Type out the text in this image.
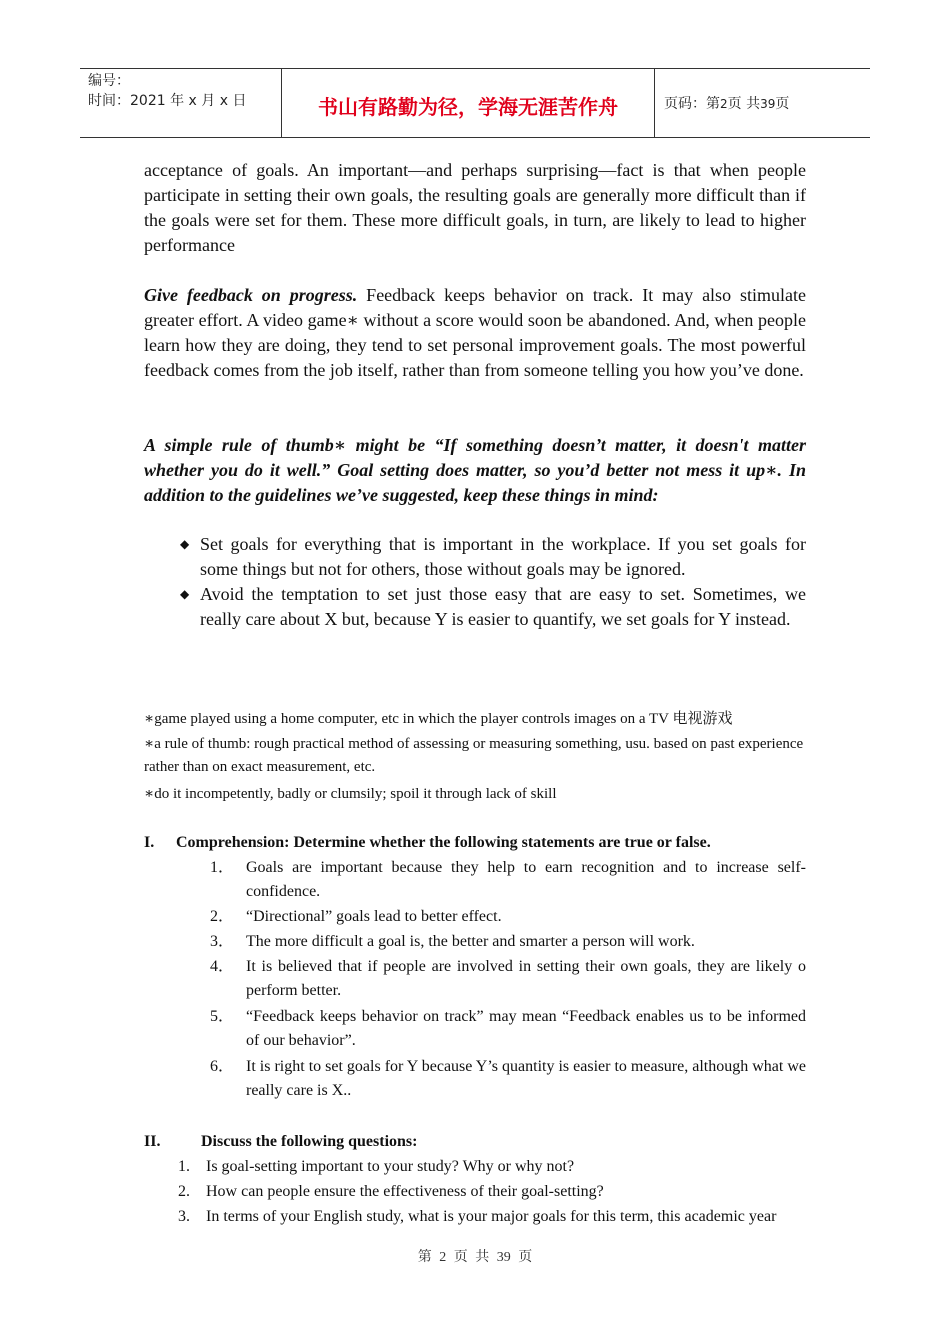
编号：
时间：2021 年 x 月 x 日	书山有路勤为径，学海无涯苦作舟	页码：第2页 共39页

acceptance of goals. An important—and perhaps surprising—fact is that when people participate in setting their own goals, the resulting goals are generally more difficult than if the goals were set for them. These more difficult goals, in turn, are likely to lead to higher performance

Give feedback on progress. Feedback keeps behavior on track. It may also stimulate greater effort. A video game∗ without a score would soon be abandoned. And, when people learn how they are doing, they tend to set personal improvement goals. The most powerful feedback comes from the job itself, rather than from someone telling you how you’ve done.

A simple rule of thumb∗ might be “If something doesn’t matter, it doesn't matter whether you do it well.” Goal setting does matter, so you’d better not mess it up∗. In addition to the guidelines we’ve suggested, keep these things in mind:

◆ Set goals for everything that is important in the workplace. If you set goals for some things but not for others, those without goals may be ignored.

◆ Avoid the temptation to set just those easy that are easy to set. Sometimes, we really care about X but, because Y is easier to quantify, we set goals for Y instead.

∗game played using a home computer, etc in which the player controls images on a TV 电视游戏

∗a rule of thumb: rough practical method of assessing or measuring something, usu. based on past experience rather than on exact measurement, etc.

∗do it incompetently, badly or clumsily; spoil it through lack of skill

I. Comprehension: Determine whether the following statements are true or false.

1． Goals are important because they help to earn recognition and to increase self-confidence.

2． “Directional” goals lead to better effect.

3． The more difficult a goal is, the better and smarter a person will work.

4． It is believed that if people are involved in setting their own goals, they are likely o perform better.

5． “Feedback keeps behavior on track” may mean “Feedback enables us to be informed of our behavior”.

6． It is right to set goals for Y because Y’s quantity is easier to measure, although what we really care is X..

II.	Discuss the following questions:

1. Is goal-setting important to your study? Why or why not?

2. How can people ensure the effectiveness of their goal-setting?

3. In terms of your English study, what is your major goals for this term, this academic year

第 2 页 共 39 页
